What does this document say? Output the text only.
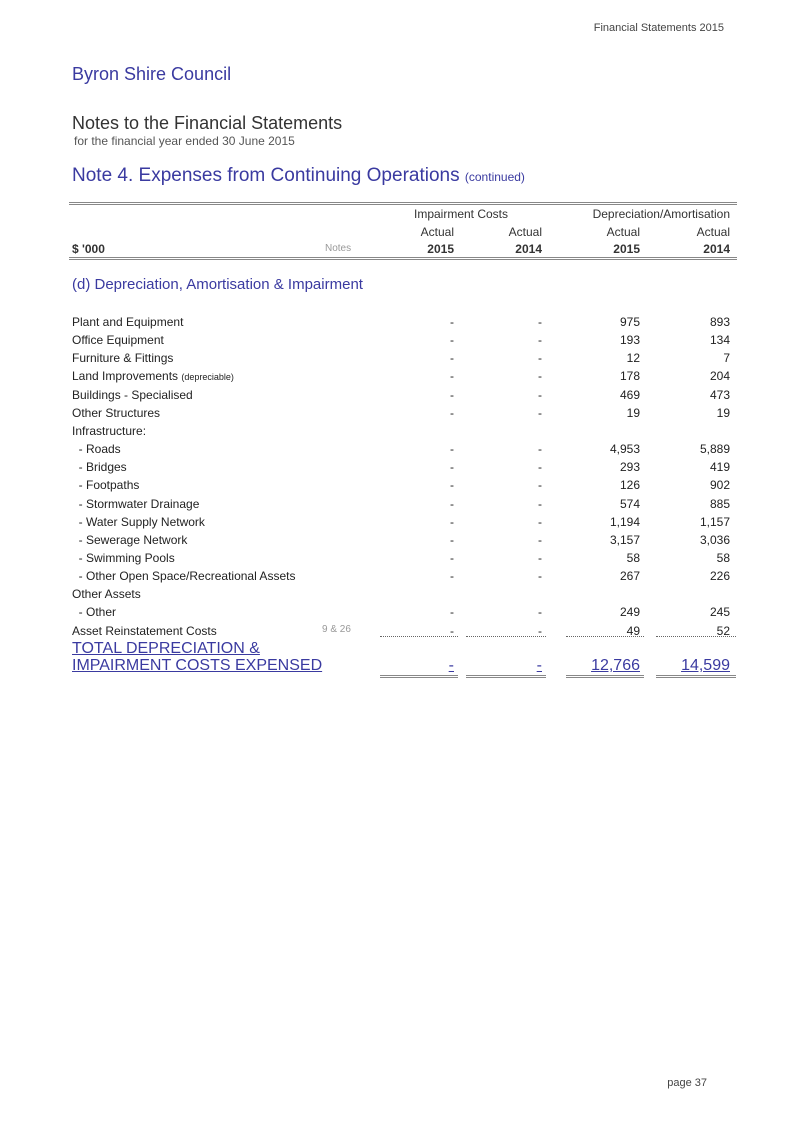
Financial Statements 2015
Byron Shire Council
Notes to the Financial Statements
for the financial year ended 30 June 2015
Note 4. Expenses from Continuing Operations (continued)
Impairment Costs	Depreciation/Amortisation
Actual	Actual	Actual	Actual
$ '000	Notes	2015	2014	2015	2014
(d) Depreciation, Amortisation & Impairment
Plant and Equipment	-	-	975	893
Office Equipment	-	-	193	134
Furniture & Fittings	-	-	12	7
Land Improvements (depreciable)	-	-	178	204
Buildings - Specialised	-	-	469	473
Other Structures	-	-	19	19
Infrastructure:
- Roads	-	-	4,953	5,889
- Bridges	-	-	293	419
- Footpaths	-	-	126	902
- Stormwater Drainage	-	-	574	885
- Water Supply Network	-	-	1,194	1,157
- Sewerage Network	-	-	3,157	3,036
- Swimming Pools	-	-	58	58
- Other Open Space/Recreational Assets	-	-	267	226
Other Assets
- Other	-	-	249	245
Asset Reinstatement Costs	9 & 26	-	-	49	52
TOTAL DEPRECIATION &
IMPAIRMENT COSTS EXPENSED	-	-	12,766	14,599
page 37
